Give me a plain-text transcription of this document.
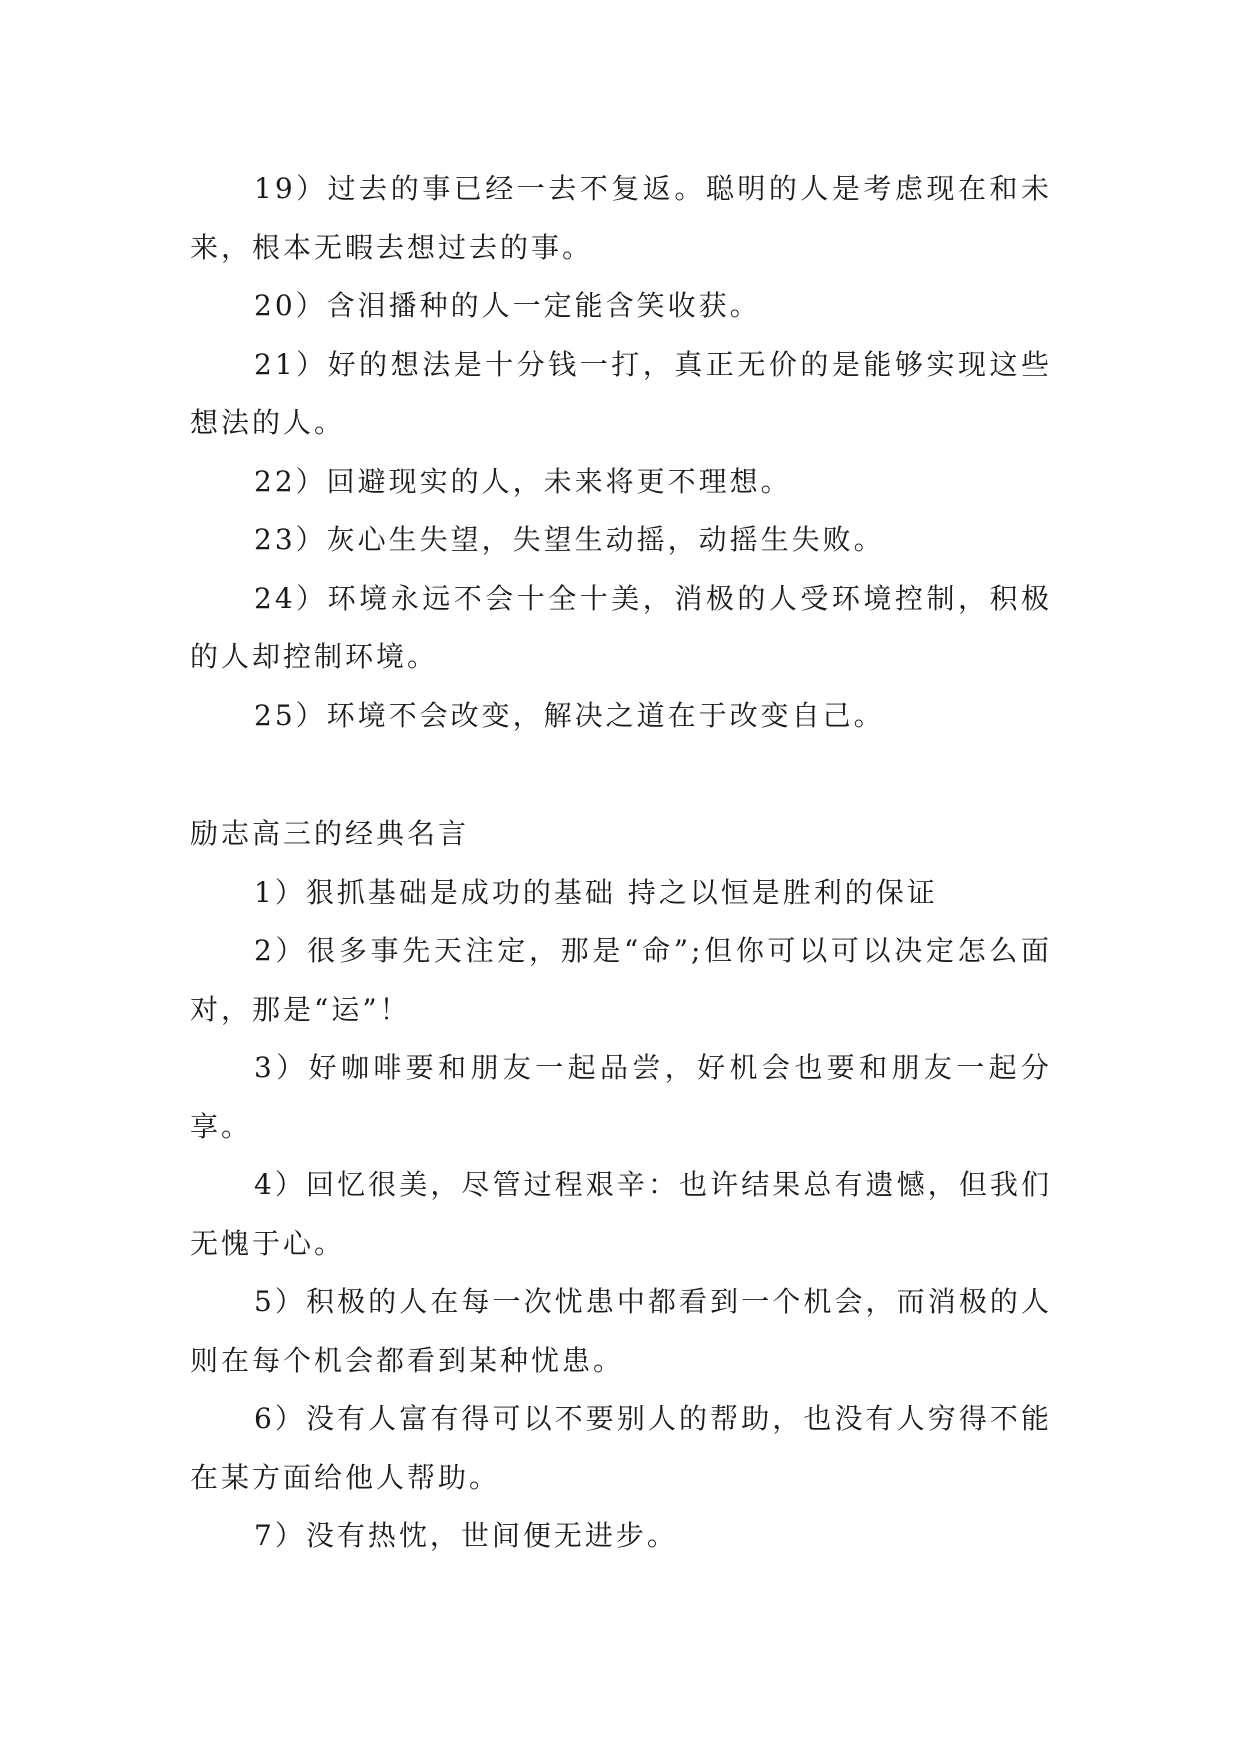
19）过去的事已经一去不复返。聪明的人是考虑现在和未来，根本无暇去想过去的事。

20）含泪播种的人一定能含笑收获。

21）好的想法是十分钱一打，真正无价的是能够实现这些想法的人。

22）回避现实的人，未来将更不理想。

23）灰心生失望，失望生动摇，动摇生失败。

24）环境永远不会十全十美，消极的人受环境控制，积极的人却控制环境。

25）环境不会改变，解决之道在于改变自己。

励志高三的经典名言

1）狠抓基础是成功的基础 持之以恒是胜利的保证

2）很多事先天注定，那是“命”;但你可以可以决定怎么面对，那是“运”！

3）好咖啡要和朋友一起品尝，好机会也要和朋友一起分享。

4）回忆很美，尽管过程艰辛：也许结果总有遗憾，但我们无愧于心。

5）积极的人在每一次忧患中都看到一个机会，而消极的人则在每个机会都看到某种忧患。

6）没有人富有得可以不要别人的帮助，也没有人穷得不能在某方面给他人帮助。

7）没有热忱，世间便无进步。
